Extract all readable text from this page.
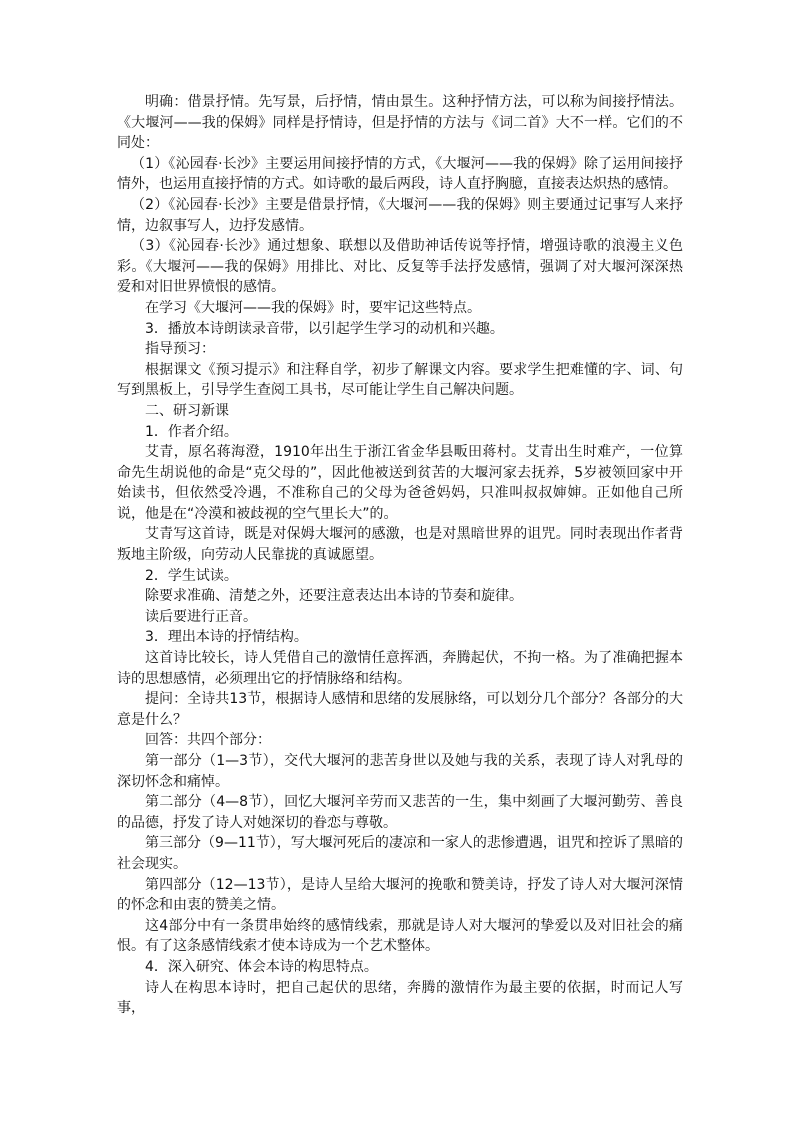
明确：借景抒情。先写景，后抒情，情由景生。这种抒情方法，可以称为间接抒情法。《大堰河——我的保姆》同样是抒情诗，但是抒情的方法与《词二首》大不一样。它们的不同处：

（1）《沁园春·长沙》主要运用间接抒情的方式，《大堰河——我的保姆》除了运用间接抒情外，也运用直接抒情的方式。如诗歌的最后两段，诗人直抒胸臆，直接表达炽热的感情。

（2）《沁园春·长沙》主要是借景抒情，《大堰河——我的保姆》则主要通过记事写人来抒情，边叙事写人，边抒发感情。

（3）《沁园春·长沙》通过想象、联想以及借助神话传说等抒情，增强诗歌的浪漫主义色彩。《大堰河——我的保姆》用排比、对比、反复等手法抒发感情，强调了对大堰河深深热爱和对旧世界愤恨的感情。

在学习《大堰河——我的保姆》时，要牢记这些特点。

3．播放本诗朗读录音带，以引起学生学习的动机和兴趣。

指导预习：

根据课文《预习提示》和注释自学，初步了解课文内容。要求学生把难懂的字、词、句写到黑板上，引导学生查阅工具书，尽可能让学生自己解决问题。

二、研习新课

1．作者介绍。

艾青，原名蒋海澄，1910年出生于浙江省金华县畈田蒋村。艾青出生时难产，一位算命先生胡说他的命是“克父母的”，因此他被送到贫苦的大堰河家去抚养，5岁被领回家中开始读书，但依然受冷遇，不准称自己的父母为爸爸妈妈，只准叫叔叔婶婶。正如他自己所说，他是在“冷漠和被歧视的空气里长大”的。

艾青写这首诗，既是对保姆大堰河的感激，也是对黑暗世界的诅咒。同时表现出作者背叛地主阶级，向劳动人民靠拢的真诚愿望。

2．学生试读。

除要求准确、清楚之外，还要注意表达出本诗的节奏和旋律。

读后要进行正音。

3．理出本诗的抒情结构。

这首诗比较长，诗人凭借自己的激情任意挥洒，奔腾起伏，不拘一格。为了准确把握本诗的思想感情，必须理出它的抒情脉络和结构。

提问：全诗共13节，根据诗人感情和思绪的发展脉络，可以划分几个部分？各部分的大意是什么？

回答：共四个部分：

第一部分（1—3节），交代大堰河的悲苦身世以及她与我的关系，表现了诗人对乳母的深切怀念和痛悼。

第二部分（4—8节），回忆大堰河辛劳而又悲苦的一生，集中刻画了大堰河勤劳、善良的品德，抒发了诗人对她深切的眷恋与尊敬。

第三部分（9—11节），写大堰河死后的凄凉和一家人的悲惨遭遇，诅咒和控诉了黑暗的社会现实。

第四部分（12—13节），是诗人呈给大堰河的挽歌和赞美诗，抒发了诗人对大堰河深情的怀念和由衷的赞美之情。

这4部分中有一条贯串始终的感情线索，那就是诗人对大堰河的挚爱以及对旧社会的痛恨。有了这条感情线索才使本诗成为一个艺术整体。

4．深入研究、体会本诗的构思特点。

诗人在构思本诗时，把自己起伏的思绪，奔腾的激情作为最主要的依据，时而记人写事，
